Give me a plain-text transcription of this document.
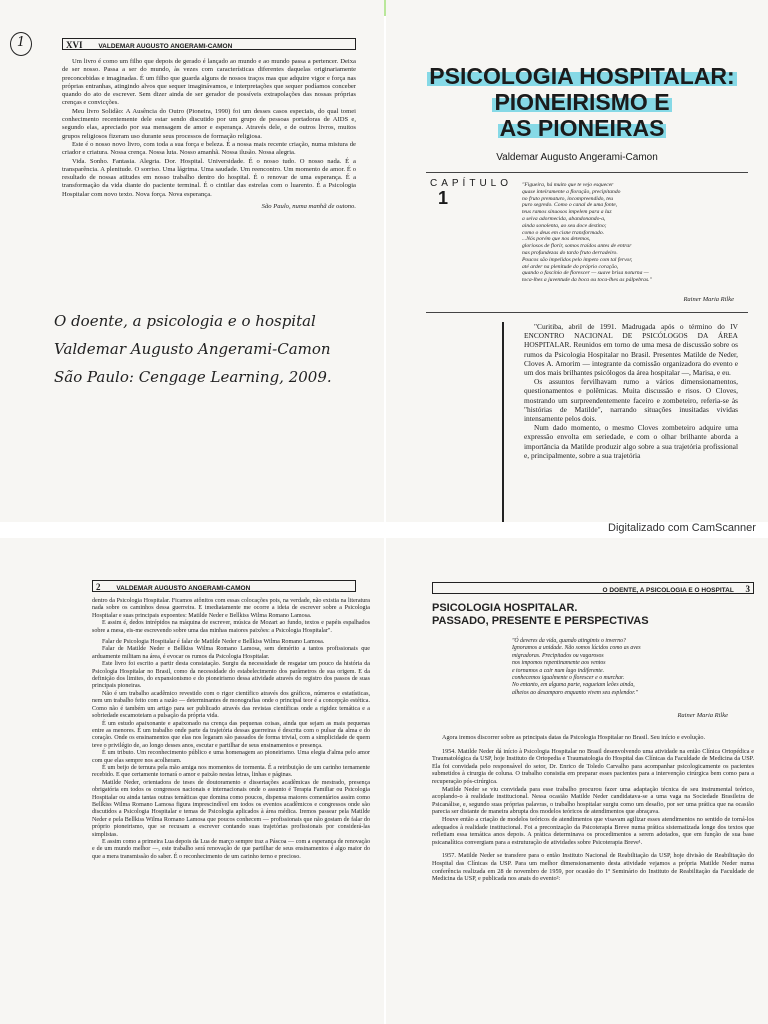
1	XVI VALDEMAR AUGUSTO ANGERAMI-CAMON

Um livro é como um filho que depois de gerado é lançado ao mundo e ao mundo passa a pertencer. Deixa de ser nosso. Passa a ser do mundo, às vezes com características diferentes daquelas originariamente preconcebidas e imaginadas. É um filho que guarda alguns de nossos traços mas que adquire vigor e força nas próprias entranhas, atingindo alvos que sequer imaginávamos, e interpretações que sequer podíamos conceber quando do ato de escrever. Sem dizer ainda de ser gerador de possíveis extrapolações das nossas próprias crenças e convicções.

Meu livro Solidão: A Ausência do Outro (Pioneira, 1990) foi um desses casos especiais, do qual tomei conhecimento recentemente dele estar sendo discutido por um grupo de pessoas portadoras de AIDS e, segundo elas, apreciado por sua mensagem de amor e esperança. Através dele, e de outros livros, muitos grupos religiosos fizeram uso durante seus processos de formação religiosa.

Este é o nosso novo livro, com toda a sua força e beleza. É a nossa mais recente criação, numa mistura de criador e criatura. Nossa crença. Nossa luta. Nosso amanhã. Nossa ilusão. Nossa alegria.

Vida. Sonho. Fantasia. Alegria. Dor. Hospital. Universidade. É o nosso tudo. O nosso nada. É a transparência. A plenitude. O sorriso. Uma lágrima. Uma saudade. Um reencontro. Um momento de amor. É o resultado de nossas atitudes em nosso trabalho dentro do hospital. É o renovar de uma esperança. É a transformação da vida diante do paciente terminal. É o cintilar das estrelas com o luarento. É a Psicologia Hospitalar com novo texto. Nova força. Nova esperança.

São Paulo, numa manhã de outono.

O doente, a psicologia e o hospital
Valdemar Augusto Angerami-Camon
São Paulo: Cengage Learning, 2009.
PSICOLOGIA HOSPITALAR:
PIONEIRISMO E
AS PIONEIRAS
Valdemar Augusto Angerami-Camon
CAPÍTULO
1
"Figueira, há muito que te vejo esquecer
quase inteiramente a floração, precipitando
no fruto prematuro, incompreendido, teu
puro segredo. Como o canal de uma fonte,
teus ramos sinuosos impelem para a luz
a seiva adormecida, abandonando-a,
ainda sonolenta, ao seu doce destino;
como o deus em cisne transformado.
...Nós porém que nos detemos,
gloriosos de florir, somos traídos antes de entrar
nas profundezas do tardo fruto derradeiro.
Poucos são impelidos pelo ímpeto com tal fervor,
até arder na plenitude do próprio coração,
quando o fascínio de florescer — suave brisa noturna —
toca-lhes a juventude da boca ou toca-lhes as pálpebras."
Rainer Maria Rilke

"Curitiba, abril de 1991. Madrugada após o término do IV ENCONTRO NACIONAL DE PSICÓLOGOS DA ÁREA HOSPITALAR. Reunidos em torno de uma mesa de discussão sobre os rumos da Psicologia Hospitalar no Brasil. Presentes Matilde de Neder, Cloves A. Amorim — integrante da comissão organizadora do evento e um dos mais brilhantes psicólogos da área hospitalar —, Marisa, e eu.

Os assuntos fervilhavam rumo a vários dimensionamentos, questionamentos e polêmicas. Muita discussão e risos. O Cloves, mostrando um surpreendentemente faceiro e zombeteiro, referia-se às "histórias de Matilde", narrando situações inusitadas vividas intensamente pelos dois.

Num dado momento, o mesmo Cloves zombeteiro adquire uma expressão envolta em seriedade, e com o olhar brilhante aborda a importância da Matilde produzir algo sobre a sua trajetória profissional e, principalmente, sobre a sua trajetória

Digitalizado com CamScanner
2 VALDEMAR AUGUSTO ANGERAMI-CAMON

dentro da Psicologia Hospitalar. Ficamos atônitos com essas colocações pois, na verdade, não existia na literatura nada sobre os caminhos dessa guerreira. E imediatamente me ocorre a ideia de escrever sobre a Psicologia Hospitalar e suas principais expoentes: Matilde Neder e Bellkiss Wilma Romano Lamosa.

E assim é, dedos intrépidos na máquina de escrever, música de Mozart ao fundo, textos e papéis espalhados sobre a mesa, eis-me escrevendo sobre uma das minhas maiores paixões: a Psicologia Hospitalar".

Falar de Psicologia Hospitalar é falar de Matilde Neder e Bellkiss Wilma Romano Lamosa.

Falar de Matilde Neder e Bellkiss Wilma Romano Lamosa, sem demérito a tantos profissionais que arduamente militam na área, é evocar os rumos da Psicologia Hospitalar.

Este livro foi escrito a partir desta constatação. Surgiu da necessidade de resgatar um pouco da história da Psicologia Hospitalar no Brasil, como da necessidade do estabelecimento dos parâmetros de sua origem. E da definição dos limites, do expansionismo e do pioneirismo dessa atividade através do registro dos passos de suas principais pioneiras.

Não é um trabalho acadêmico revestido com o rigor científico através dos gráficos, números e estatísticas, nem um trabalho feito com a razão — determinantes de monografias onde o principal teor é a concepção estética. Como não é também um artigo para ser publicado através das revistas científicas onde a rigidez temática e a sobriedade escamoteiam a pulsação da própria vida.

É um estudo apaixonante e apaixonado na crença das pequenas coisas, ainda que sejam as mais pequenas entre as menores. É um trabalho onde parte da trajetória dessas guerreiras é descrita com o pulsar da alma e do coração. Onde os ensinamentos que elas nos legaram são passados de forma trivial, com a simplicidade de quem teve o privilégio de, ao longo desses anos, escutar e partilhar de seus ensinamentos e presença.

É um tributo. Um reconhecimento público e uma homenagem ao pioneirismo. Uma elegia d'alma pelo amor com que elas sempre nos acolheram.

É um beijo de ternura pela mão amiga nos momentos de tormenta. É a retribuição de um carinho ternamente recebido. E que certamente tornará o amor e paixão nestas letras, linhas e páginas.

Matilde Neder, orientadora de teses de doutoramento e dissertações acadêmicas de mestrado, presença obrigatória em todos os congressos nacionais e internacionais onde o assunto é Terapia Familiar ou Psicologia Hospitalar ou ainda tantas outras temáticas que domina como poucos, dispensa maiores comentários assim como Bellkiss Wilma Romano Lamosa figura imprescindível em todos os eventos acadêmicos e congressos onde são discutidos a Psicologia Hospitalar e temas de Psicologia aplicados à área médica. Iremos passear pela Matilde Neder e pela Bellkiss Wilma Romano Lamosa que poucos conhecem — profissionais que não gostam de falar do próprio pioneirismo, que se recusam a escrever contando suas trajetórias profissionais por considerá-las simplistas.

E assim como a primeira Lua depois da Lua de março sempre traz a Páscoa — com a esperança de renovação e de um mundo melhor —, este trabalho será renovação de que partilhar de seus ensinamentos é algo maior do que a mera transmissão do saber. É o reconhecimento de um carinho terno e precioso.

O DOENTE, A PSICOLOGIA E O HOSPITAL 3
PSICOLOGIA HOSPITALAR.
PASSADO, PRESENTE E PERSPECTIVAS
"Ó deveres da vida, quando atingimis o inverno?
Ignoramos a unidade. Não somos lúcidos como as aves
migradoras. Precipitados ou vagarosos
nos impomos repentinamente aos ventos
e tornamos a cair num lago indiferente.
conhecemos igualmente o florescer e o murchar.
No entanto, em alguma parte, vagueiam leões ainda,
alheios ao desamparo enquanto vivem seu esplendor."
Rainer Maria Rilke

Agora iremos discorrer sobre as principais datas da Psicologia Hospitalar no Brasil. Seu início e evolução.

1954. Matilde Neder dá início à Psicologia Hospitalar no Brasil desenvolvendo uma atividade na então Clínica Ortopédica e Traumatológica da USP, hoje Instituto de Ortopedia e Traumatologia do Hospital das Clínicas da Faculdade de Medicina da USP. Ela foi convidada pelo responsável do setor, Dr. Enrico de Toledo Carvalho para acompanhar psicologicamente os pacientes submetidos à cirurgia de coluna. O trabalho consistia em preparar esses pacientes para a intervenção cirúrgica bem como para a recuperação pós-cirúrgica.

Matilde Neder se viu convidada para esse trabalho procurou fazer uma adaptação técnica de seu instrumental teórico, acoplando-o à realidade institucional. Nessa ocasião Matilde Neder candidatava-se a uma vaga na Sociedade Brasileira de Psicanálise, e, segundo suas próprias palavras, o trabalho hospitalar surgiu como um desafio, por ser uma prática que na ocasião parecia ser distante de maneira abrupta dos modelos teóricos de atendimentos que abraçava.

Houve então a criação de modelos teóricos de atendimentos que visavam agilizar esses atendimentos no sentido de torná-los adequados à realidade institucional. Foi a preconização da Psicoterapia Breve numa prática sistematizada longe dos textos que refletiam essa temática anos depois. A prática determinava os procedimentos a serem adotados, que em função de sua base psicanalítica convergiam para a estruturação de atividades sobre Psicoterapia Breve¹.

1957. Matilde Neder se transfere para o então Instituto Nacional de Reabilitação da USP, hoje divisão de Reabilitação do Hospital das Clínicas da USP. Para um melhor dimensionamento desta atividade vejamos a própria Matilde Neder numa conferência realizada em 28 de novembro de 1959, por ocasião do 1º Seminário do Instituto de Reabilitação da Faculdade de Medicina da USP, e publicada nos anais do evento²:
